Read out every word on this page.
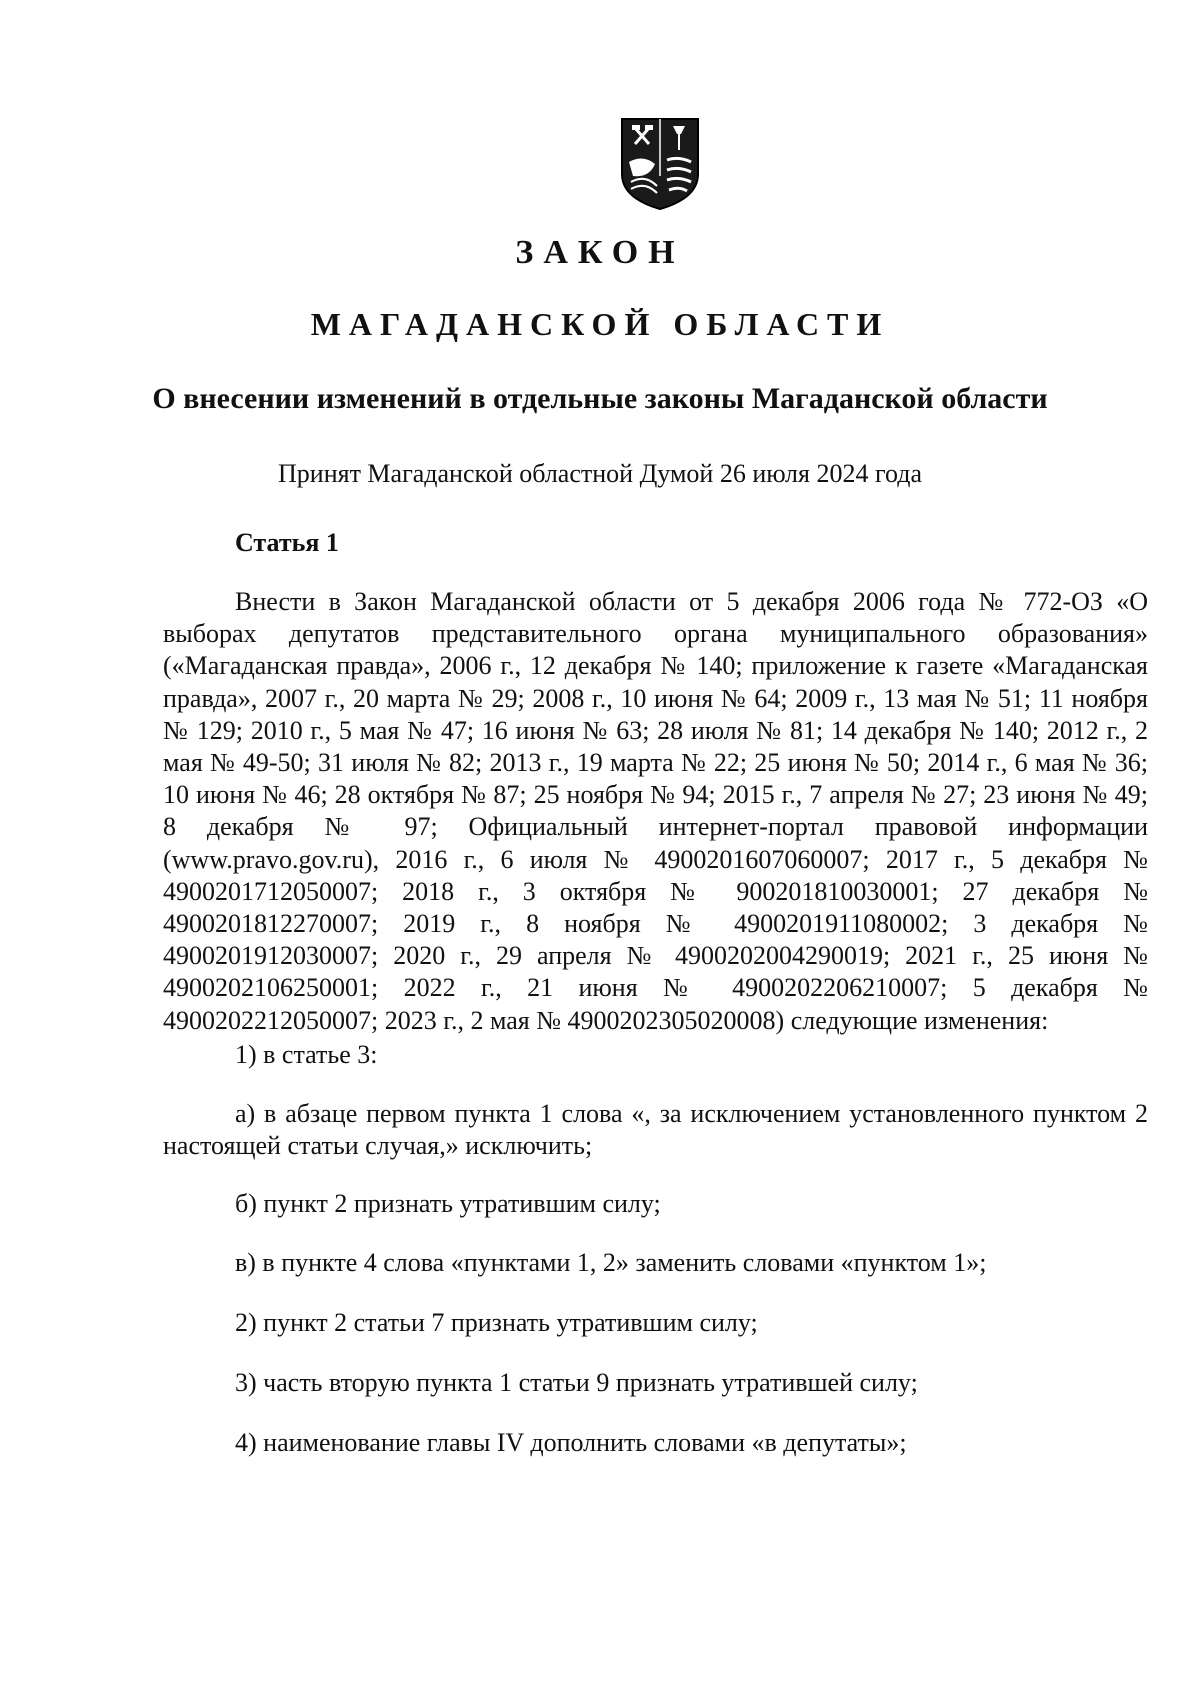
ЗАКОН
МАГАДАНСКОЙ ОБЛАСТИ
О внесении изменений в отдельные законы Магаданской области
Принят Магаданской областной Думой 26 июля 2024 года
Статья 1

Внести в Закон Магаданской области от 5 декабря 2006 года № 772-ОЗ «О выборах депутатов представительного органа муниципального образования» («Магаданская правда», 2006 г., 12 декабря № 140; приложение к газете «Магаданская правда», 2007 г., 20 марта № 29; 2008 г., 10 июня № 64; 2009 г., 13 мая № 51; 11 ноября № 129; 2010 г., 5 мая № 47; 16 июня № 63; 28 июля № 81; 14 декабря № 140; 2012 г., 2 мая № 49-50; 31 июля № 82; 2013 г., 19 марта № 22; 25 июня № 50; 2014 г., 6 мая № 36; 10 июня № 46; 28 октября № 87; 25 ноября № 94; 2015 г., 7 апреля № 27; 23 июня № 49; 8 декабря № 97; Официальный интернет-портал правовой информации (www.pravo.gov.ru), 2016 г., 6 июля № 4900201607060007; 2017 г., 5 декабря № 4900201712050007; 2018 г., 3 октября № 900201810030001; 27 декабря № 4900201812270007; 2019 г., 8 ноября № 4900201911080002; 3 декабря № 4900201912030007; 2020 г., 29 апреля № 4900202004290019; 2021 г., 25 июня № 4900202106250001; 2022 г., 21 июня № 4900202206210007; 5 декабря № 4900202212050007; 2023 г., 2 мая № 4900202305020008) следующие изменения:

1) в статье 3:

а) в абзаце первом пункта 1 слова «, за исключением установленного пунктом 2 настоящей статьи случая,» исключить;

б) пункт 2 признать утратившим силу;
в) в пункте 4 слова «пунктами 1, 2» заменить словами «пунктом 1»;
2) пункт 2 статьи 7 признать утратившим силу;
3) часть вторую пункта 1 статьи 9 признать утратившей силу;
4) наименование главы IV дополнить словами «в депутаты»;
